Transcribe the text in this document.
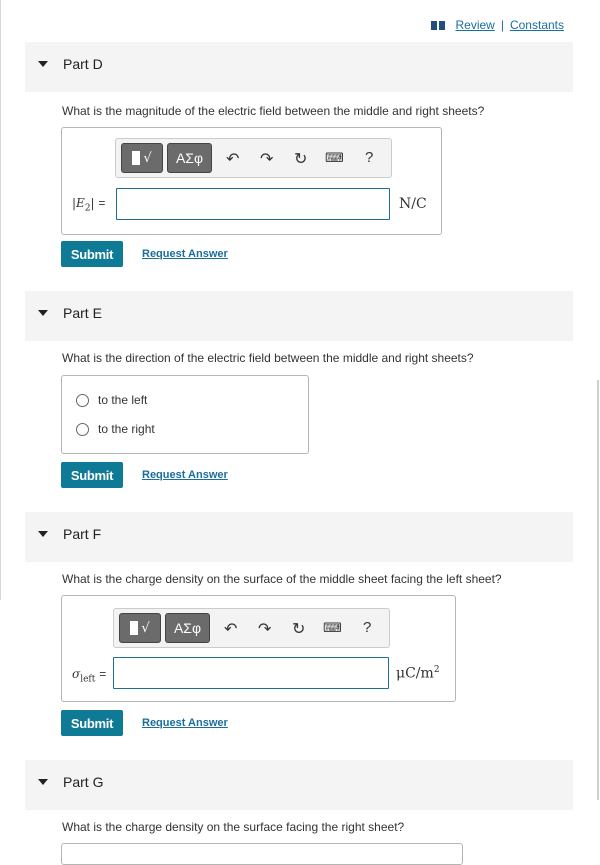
Review | Constants
Part D
What is the magnitude of the electric field between the middle and right sheets?
√	ΑΣφ	↶ ↷ ↻ ⌨ ?
$|E_2|$ =	N/C
Submit	Request Answer
Part E
What is the direction of the electric field between the middle and right sheets?
to the left
to the right
Submit	Request Answer
Part F
What is the charge density on the surface of the middle sheet facing the left sheet?
√	ΑΣφ	↶ ↷ ↻ ⌨ ?
$\sigma_{left}$ =	$\mu C/m^2$
Submit	Request Answer
Part G
What is the charge density on the surface facing the right sheet?
